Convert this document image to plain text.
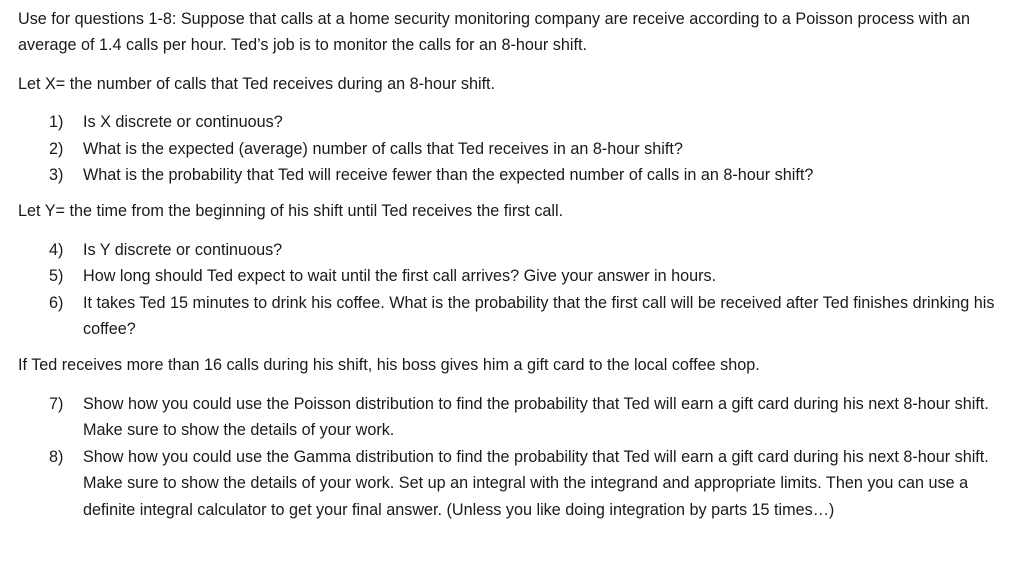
Use for questions 1-8: Suppose that calls at a home security monitoring company are receive according to a Poisson process with an average of 1.4 calls per hour. Ted’s job is to monitor the calls for an 8-hour shift.

Let X= the number of calls that Ted receives during an 8-hour shift.

1) Is X discrete or continuous?
2) What is the expected (average) number of calls that Ted receives in an 8-hour shift?
3) What is the probability that Ted will receive fewer than the expected number of calls in an 8-hour shift?

Let Y= the time from the beginning of his shift until Ted receives the first call.

4) Is Y discrete or continuous?
5) How long should Ted expect to wait until the first call arrives? Give your answer in hours.
6) It takes Ted 15 minutes to drink his coffee. What is the probability that the first call will be received after Ted finishes drinking his coffee?

If Ted receives more than 16 calls during his shift, his boss gives him a gift card to the local coffee shop.

7) Show how you could use the Poisson distribution to find the probability that Ted will earn a gift card during his next 8-hour shift. Make sure to show the details of your work.
8) Show how you could use the Gamma distribution to find the probability that Ted will earn a gift card during his next 8-hour shift. Make sure to show the details of your work. Set up an integral with the integrand and appropriate limits. Then you can use a definite integral calculator to get your final answer. (Unless you like doing integration by parts 15 times…)
